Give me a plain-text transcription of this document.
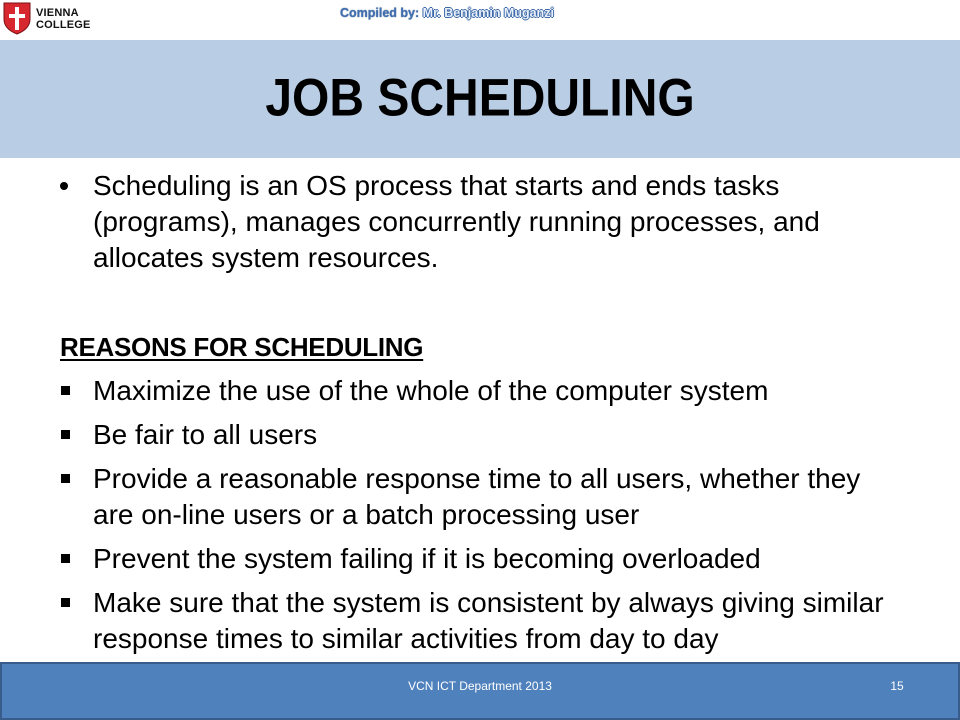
VIENNA
COLLEGE
Compiled by: Mr. Benjamin Muganzi
JOB SCHEDULING
Scheduling is an OS process that starts and ends tasks
(programs), manages concurrently running processes, and
allocates system resources.
REASONS FOR SCHEDULING
Maximize the use of the whole of the computer system
Be fair to all users
Provide a reasonable response time to all users, whether they
are on-line users or a batch processing user
Prevent the system failing if it is becoming overloaded
Make sure that the system is consistent by always giving similar
response times to similar activities from day to day
VCN ICT Department 2013	15
